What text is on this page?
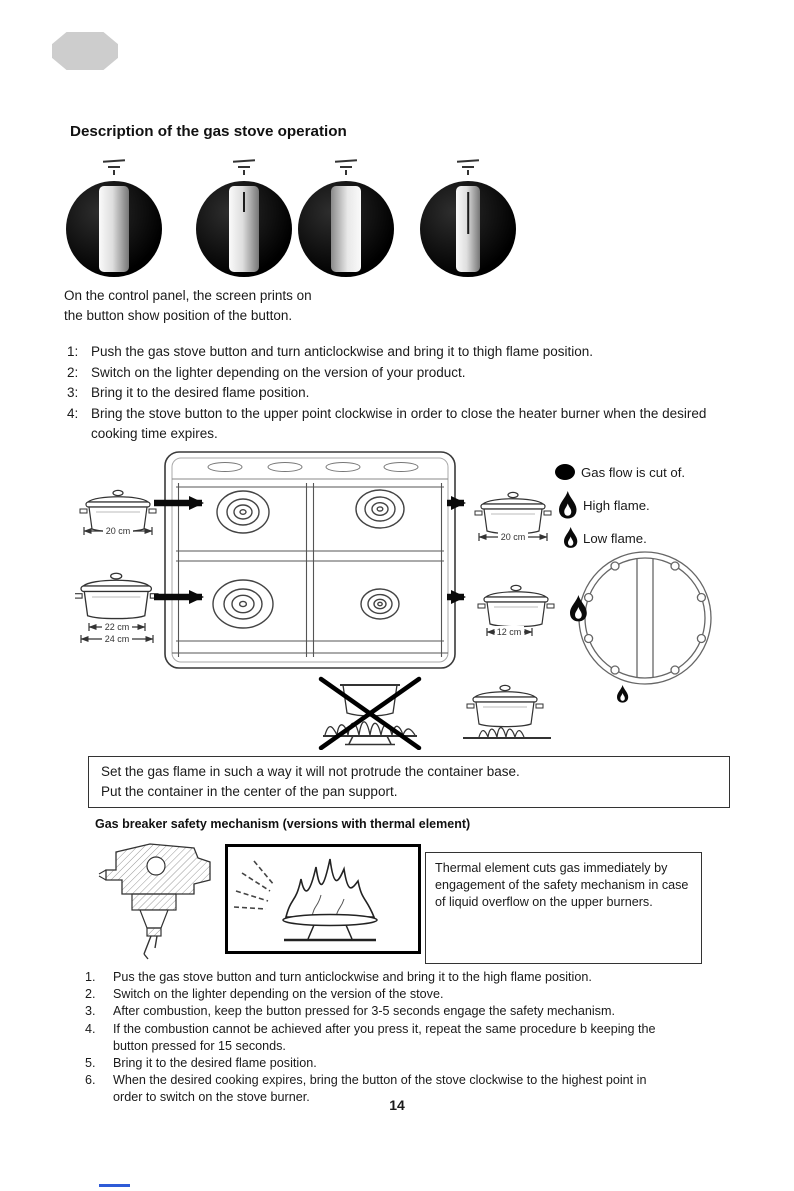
Description of the gas stove operation
On the control panel, the screen prints on
the button show position of the button.
1: Push the gas stove button and turn anticlockwise and bring it to thigh flame position.
2: Switch on the lighter depending on the version of your product.
3: Bring it to the desired flame position.
4: Bring the stove button to the upper point clockwise in order to close the heater burner when the desired cooking time expires.
20 cm
22 cm
24 cm
20 cm
12 cm
Gas flow is cut of.
High flame.
Low flame.
Set the gas flame in such a way it will not protrude the container base.
Put the container in the center of the pan support.
Gas breaker safety mechanism (versions with thermal element)
Thermal element cuts gas immediately by engagement of the safety mechanism in case of liquid overflow on the upper burners.
1.	Pus the gas stove button and turn anticlockwise and bring it to the high flame position.
2.	Switch on the lighter depending on the version of the stove.
3.	After combustion, keep the button pressed for 3-5 seconds engage the safety mechanism.
4.	If the combustion cannot be achieved after you press it, repeat the same procedure b keeping the button pressed for 15 seconds.
5.	Bring it to the desired flame position.
6.	When the desired cooking expires, bring the button of the stove clockwise to the highest point in order to switch on the stove burner.	14
